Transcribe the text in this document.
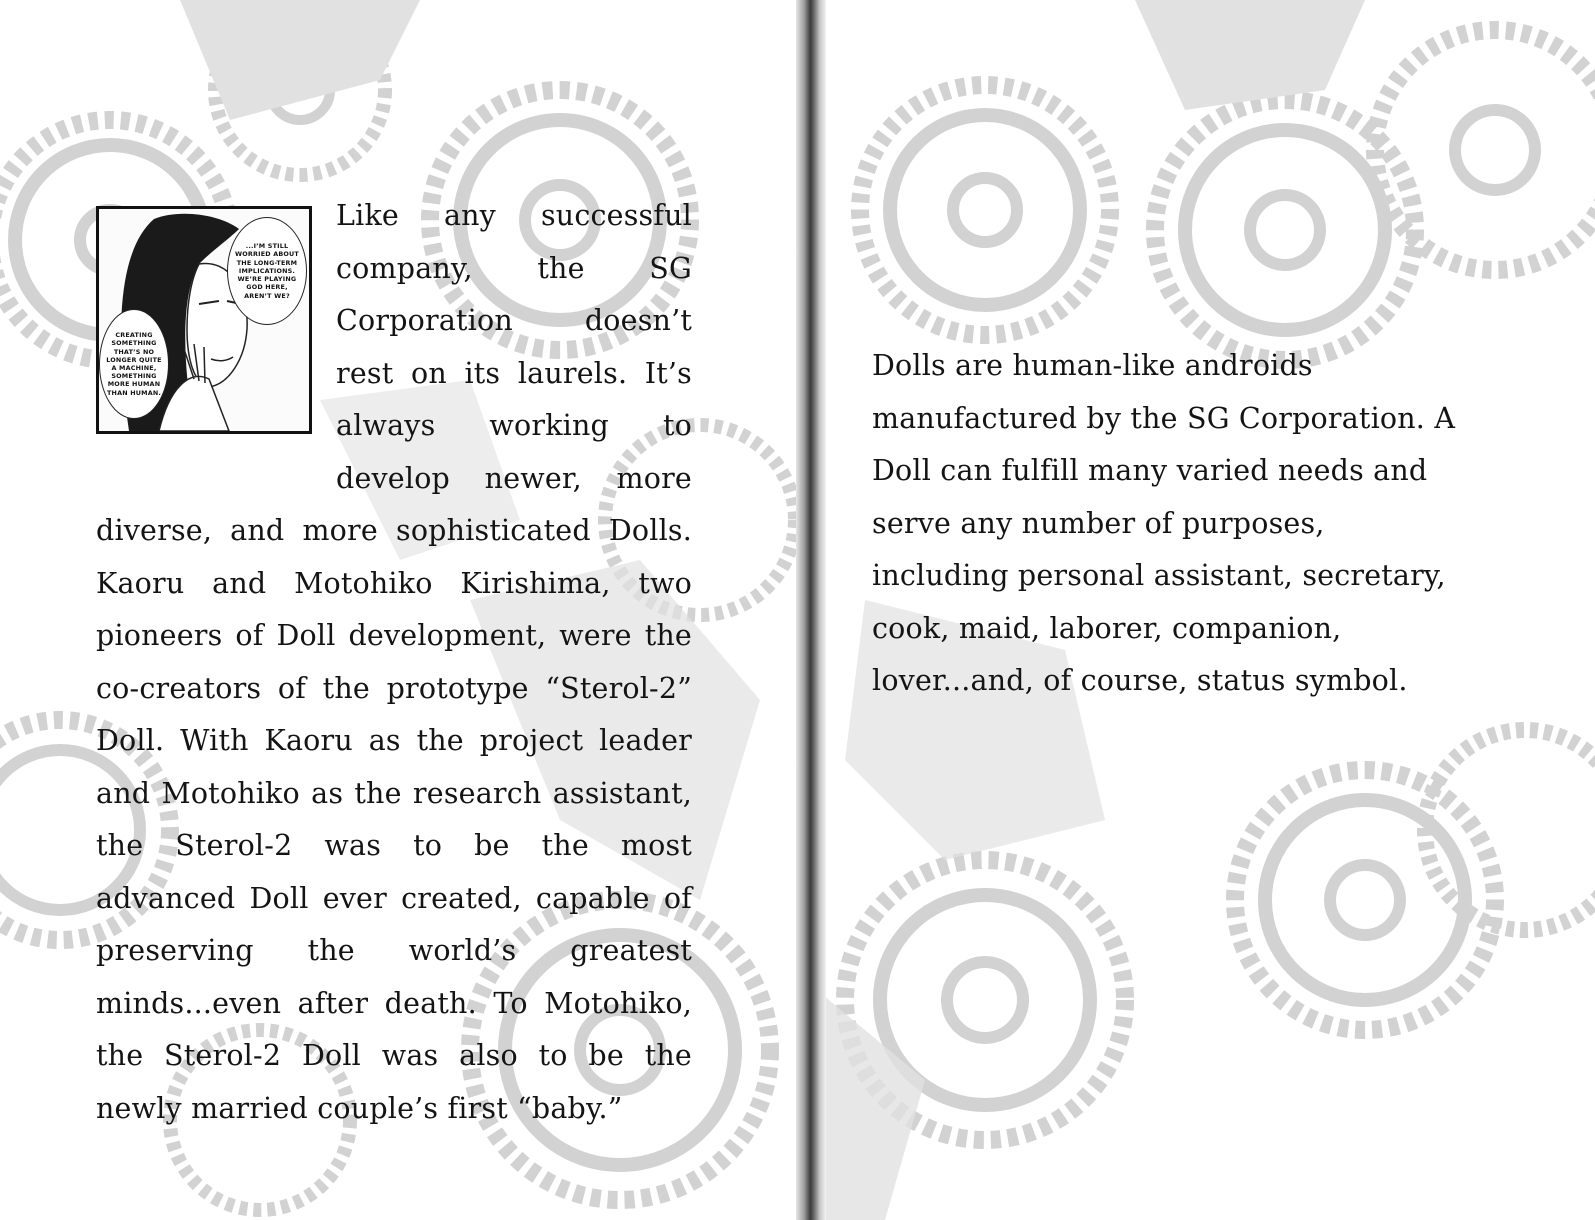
...I’M STILL WORRIED ABOUT THE LONG-TERM IMPLICATIONS. WE’RE PLAYING GOD HERE, AREN’T WE?
CREATING SOMETHING THAT’S NO LONGER QUITE A MACHINE, SOMETHING MORE HUMAN THAN HUMAN.

Like any successful company, the SG Corporation doesn’t rest on its laurels. It’s always working to develop newer, more diverse, and more sophisticated Dolls. Kaoru and Motohiko Kirishima, two pioneers of Doll development, were the co-creators of the prototype “Sterol-2” Doll. With Kaoru as the project leader and Motohiko as the research assistant, the Sterol-2 was to be the most advanced Doll ever created, capable of preserving the world’s greatest minds...even after death. To Motohiko, the Sterol-2 Doll was also to be the newly married couple’s first “baby.”

Dolls are human-like androids manufactured by the SG Corporation. A Doll can fulfill many varied needs and serve any number of purposes, including personal assistant, secretary, cook, maid, laborer, companion, lover...and, of course, status symbol.
